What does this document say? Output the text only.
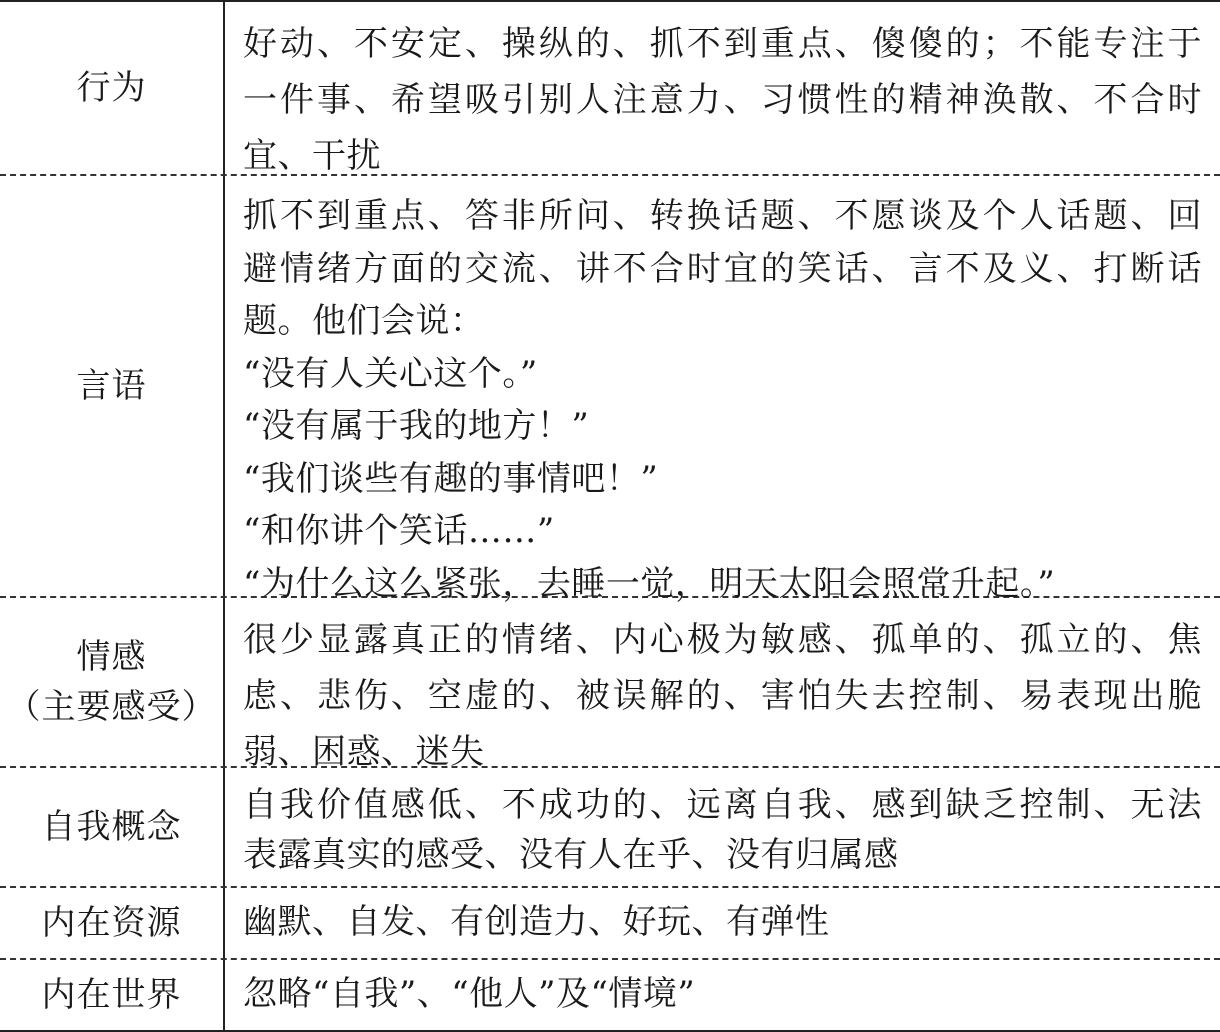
行为
好动、不安定、操纵的、抓不到重点、傻傻的；不能专注于
一件事、希望吸引别人注意力、习惯性的精神涣散、不合时
宜、干扰
言语
抓不到重点、答非所问、转换话题、不愿谈及个人话题、回
避情绪方面的交流、讲不合时宜的笑话、言不及义、打断话
题。他们会说：
“没有人关心这个。”
“没有属于我的地方！”
“我们谈些有趣的事情吧！”
“和你讲个笑话……”
“为什么这么紧张，去睡一觉，明天太阳会照常升起。”
情感
（主要感受）
很少显露真正的情绪、内心极为敏感、孤单的、孤立的、焦
虑、悲伤、空虚的、被误解的、害怕失去控制、易表现出脆
弱、困惑、迷失
自我概念
自我价值感低、不成功的、远离自我、感到缺乏控制、无法
表露真实的感受、没有人在乎、没有归属感
内在资源 幽默、自发、有创造力、好玩、有弹性
内在世界 忽略“自我”、“他人”及“情境”
